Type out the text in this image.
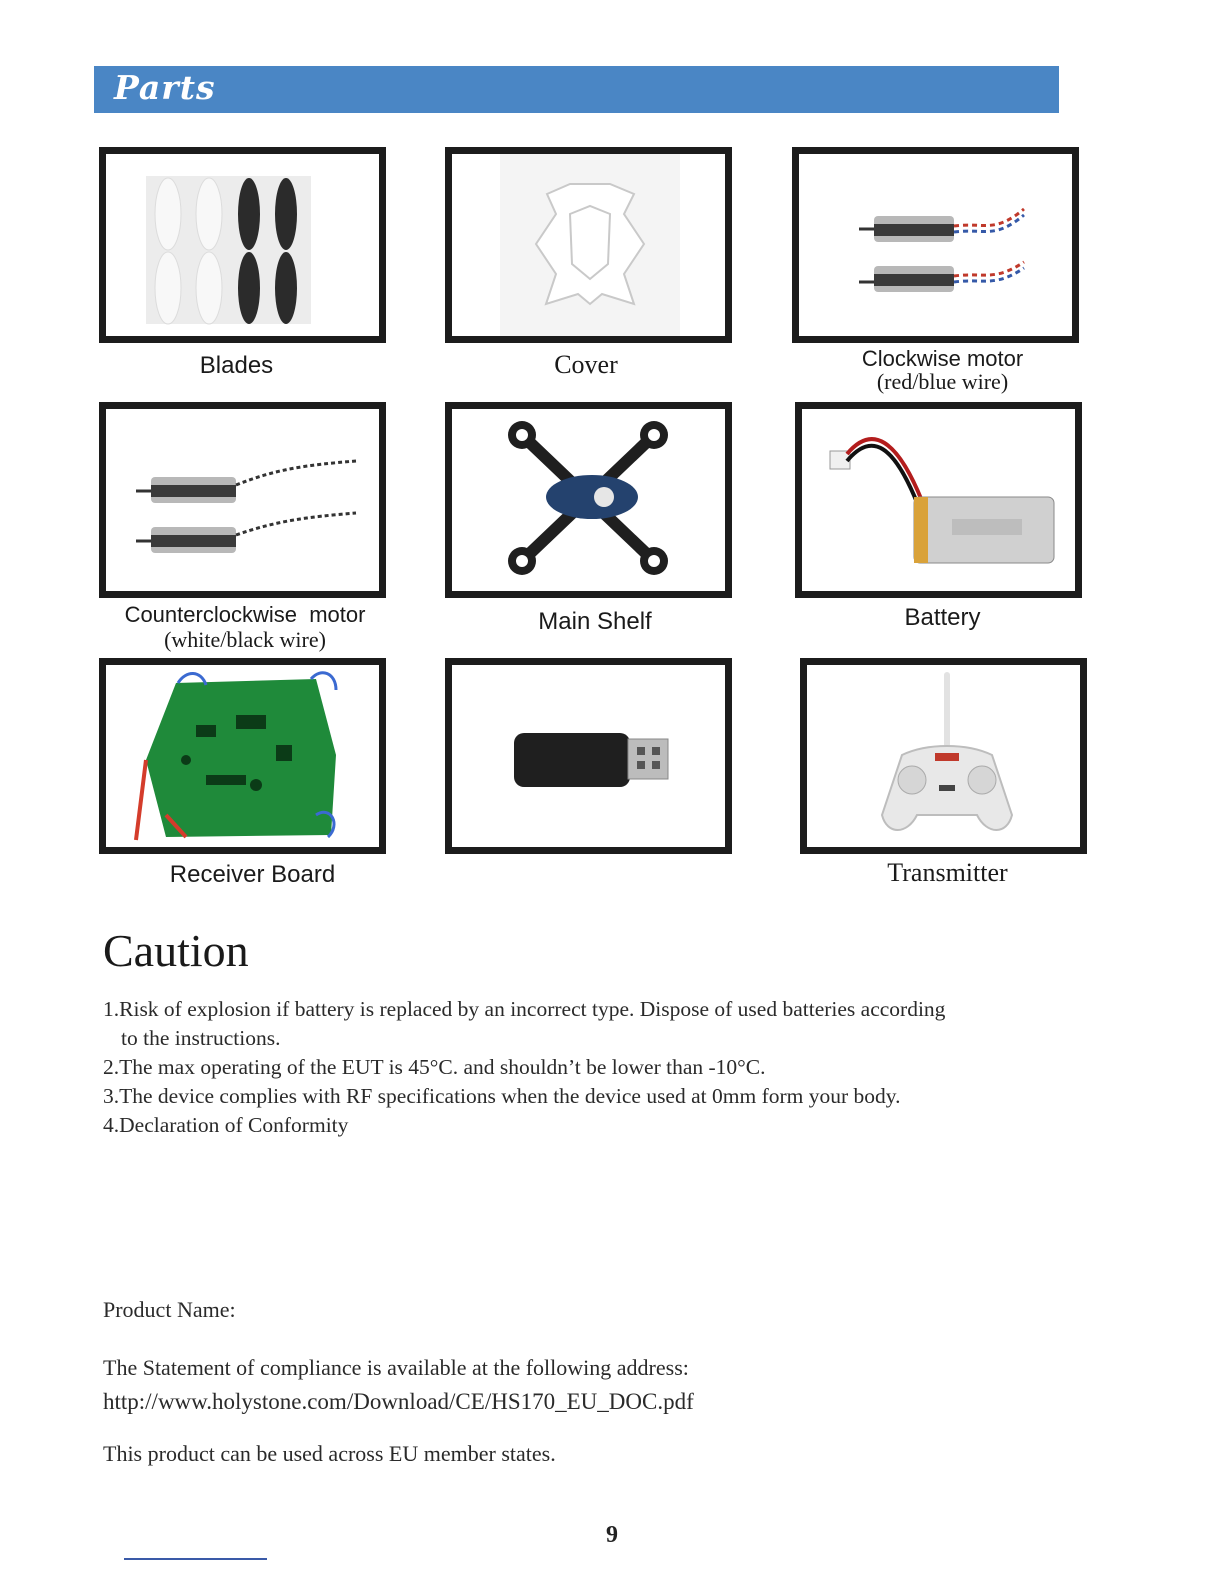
Parts
Blades	Cover	Clockwise motor
(red/blue wire)
Counterclockwise  motor
(white/black wire)
Main Shelf	Battery
Receiver Board	Transmitter
Caution
1.Risk of explosion if battery is replaced by an incorrect type. Dispose of used batteries according
to the instructions.
2.The max operating of the EUT is 45°C. and shouldn’t be lower than -10°C.
3.The device complies with RF specifications when the device used at 0mm form your body.
4.Declaration of Conformity
Product Name:
The Statement of compliance is available at the following address:
http://www.holystone.com/Download/CE/HS170_EU_DOC.pdf
This product can be used across EU member states.
9
